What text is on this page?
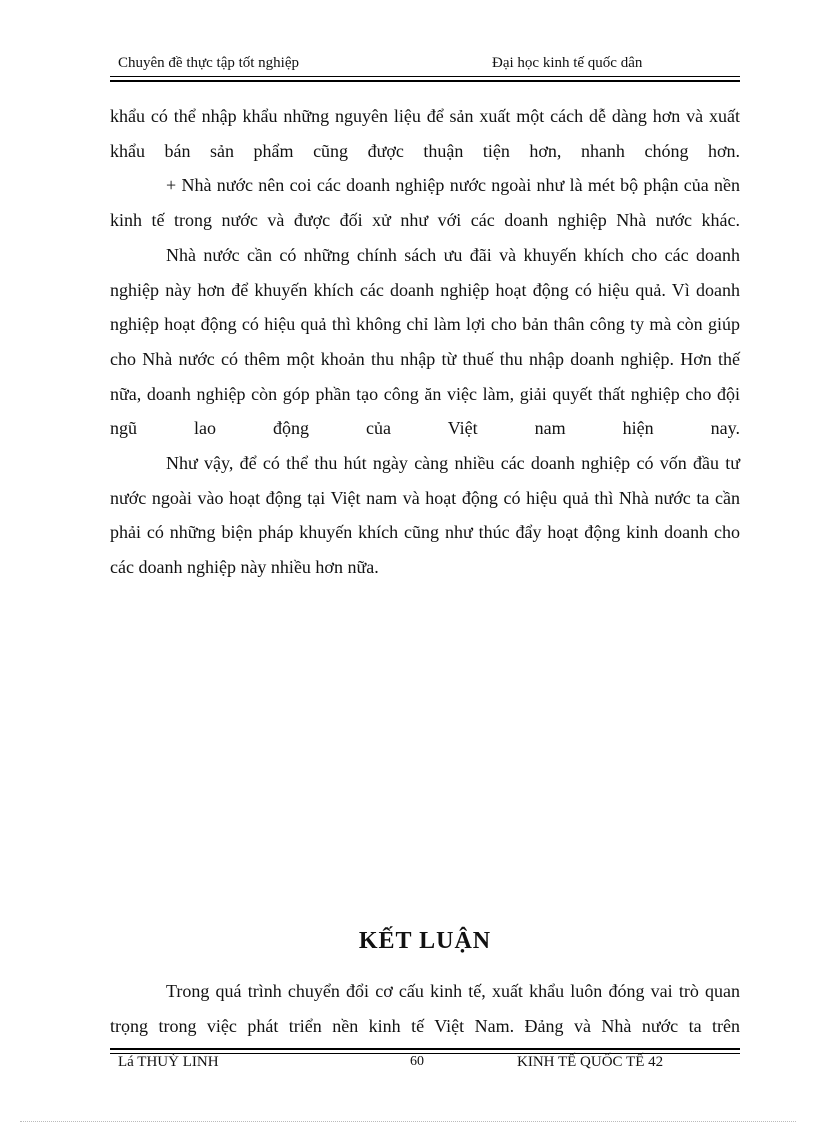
Chuyên đề thực tập tốt nghiệp	Đại học kinh tế quốc dân

khẩu có thể nhập khẩu những nguyên liệu để sản xuất một cách dễ dàng hơn và xuất khẩu bán sản phẩm cũng được thuận tiện hơn, nhanh chóng hơn.

+ Nhà nước nên coi các doanh nghiệp nước ngoài như là mét bộ phận của nền kinh tế trong nước và được đối xử như với các doanh nghiệp Nhà nước khác.

Nhà nước cần có những chính sách ưu đãi và khuyến khích cho các doanh nghiệp này hơn để khuyến khích các doanh nghiệp hoạt động có hiệu quả. Vì doanh nghiệp hoạt động có hiệu quả thì không chỉ làm lợi cho bản thân công ty mà còn giúp cho Nhà nước có thêm một khoản thu nhập từ thuế thu nhập doanh nghiệp. Hơn thế nữa, doanh nghiệp còn góp phần tạo công ăn việc làm, giải quyết thất nghiệp cho đội ngũ lao động của Việt nam hiện nay.

Như vậy, để có thể thu hút ngày càng nhiều các doanh nghiệp có vốn đầu tư nước ngoài vào hoạt động tại Việt nam và hoạt động có hiệu quả thì Nhà nước ta cần phải có những biện pháp khuyến khích cũng như thúc đẩy hoạt động kinh doanh cho các doanh nghiệp này nhiều hơn nữa.

KẾT LUẬN

Trong quá trình chuyển đổi cơ cấu kinh tế, xuất khẩu luôn đóng vai trò quan trọng trong việc phát triển nền kinh tế Việt Nam. Đảng và Nhà nước ta trên

Lá THUỲ LINH	60	KINH TẾ QUỐC TẾ 42
